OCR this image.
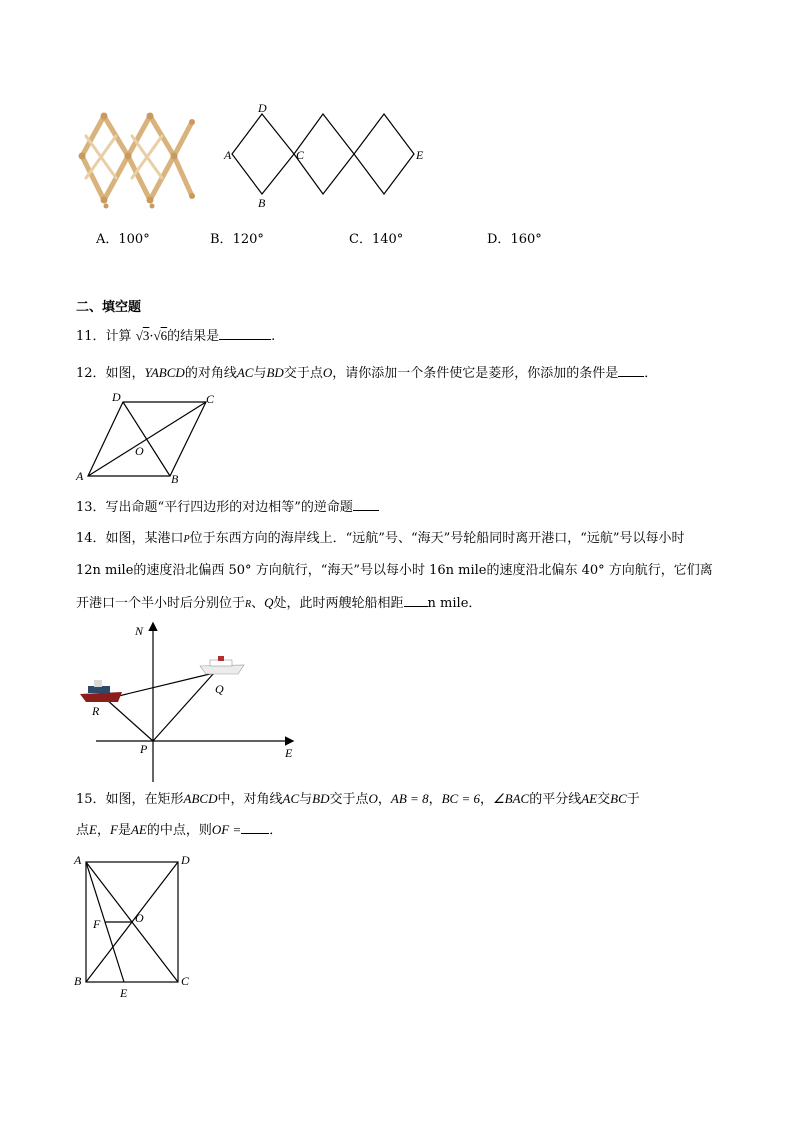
D
A	C
B
E
A．100°	B．120°	C．140°	D．160°
二、填空题
11．计算 √3·√6的结果是	.
12．如图，YABCD的对角线AC与BD交于点O，请你添加一个条件使它是菱形，你添加的条件是 ．
D	C
O
A	B
13．写出命题“平行四边形的对边相等”的逆命题
14．如图，某港口P位于东西方向的海岸线上．“远航”号、“海天”号轮船同时离开港口，“远航”号以每小时
12n mile的速度沿北偏西 50° 方向航行，“海天”号以每小时 16n mile的速度沿北偏东 40° 方向航行，它们离
开港口一个半小时后分别位于R、Q处，此时两艘轮船相距 n mile．
N
Q
R
P	E
15．如图，在矩形ABCD中，对角线AC与BD交于点O，AB = 8，BC = 6，∠BAC的平分线AE交BC于
点E，F是AE的中点，则OF = ．
A	D
F	O
B
E
C
